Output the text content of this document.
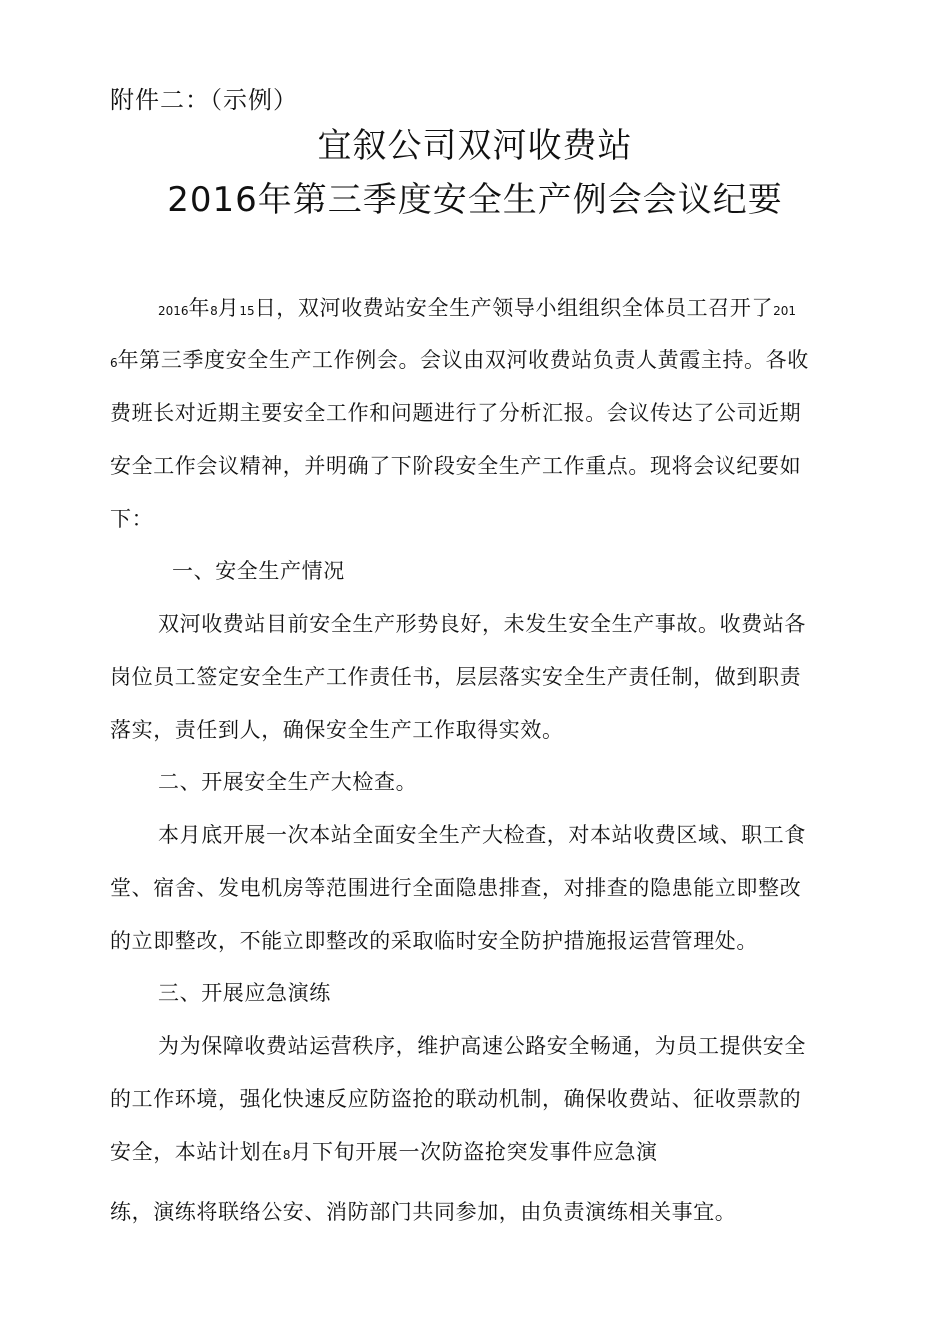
附件二：（示例）
宜叙公司双河收费站
2016年第三季度安全生产例会会议纪要
2016年8月15日，双河收费站安全生产领导小组组织全体员工召开了201
6年第三季度安全生产工作例会。会议由双河收费站负责人黄霞主持。各收
费班长对近期主要安全工作和问题进行了分析汇报。会议传达了公司近期
安全工作会议精神，并明确了下阶段安全生产工作重点。现将会议纪要如
下：
一、安全生产情况
双河收费站目前安全生产形势良好，未发生安全生产事故。收费站各
岗位员工签定安全生产工作责任书，层层落实安全生产责任制，做到职责
落实，责任到人，确保安全生产工作取得实效。
二、开展安全生产大检查。
本月底开展一次本站全面安全生产大检查，对本站收费区域、职工食
堂、宿舍、发电机房等范围进行全面隐患排查，对排查的隐患能立即整改
的立即整改，不能立即整改的采取临时安全防护措施报运营管理处。
三、开展应急演练
为为保障收费站运营秩序，维护高速公路安全畅通，为员工提供安全
的工作环境，强化快速反应防盗抢的联动机制，确保收费站、征收票款的
安全，本站计划在8月下旬开展一次防盗抢突发事件应急演
练，演练将联络公安、消防部门共同参加，由负责演练相关事宜。
